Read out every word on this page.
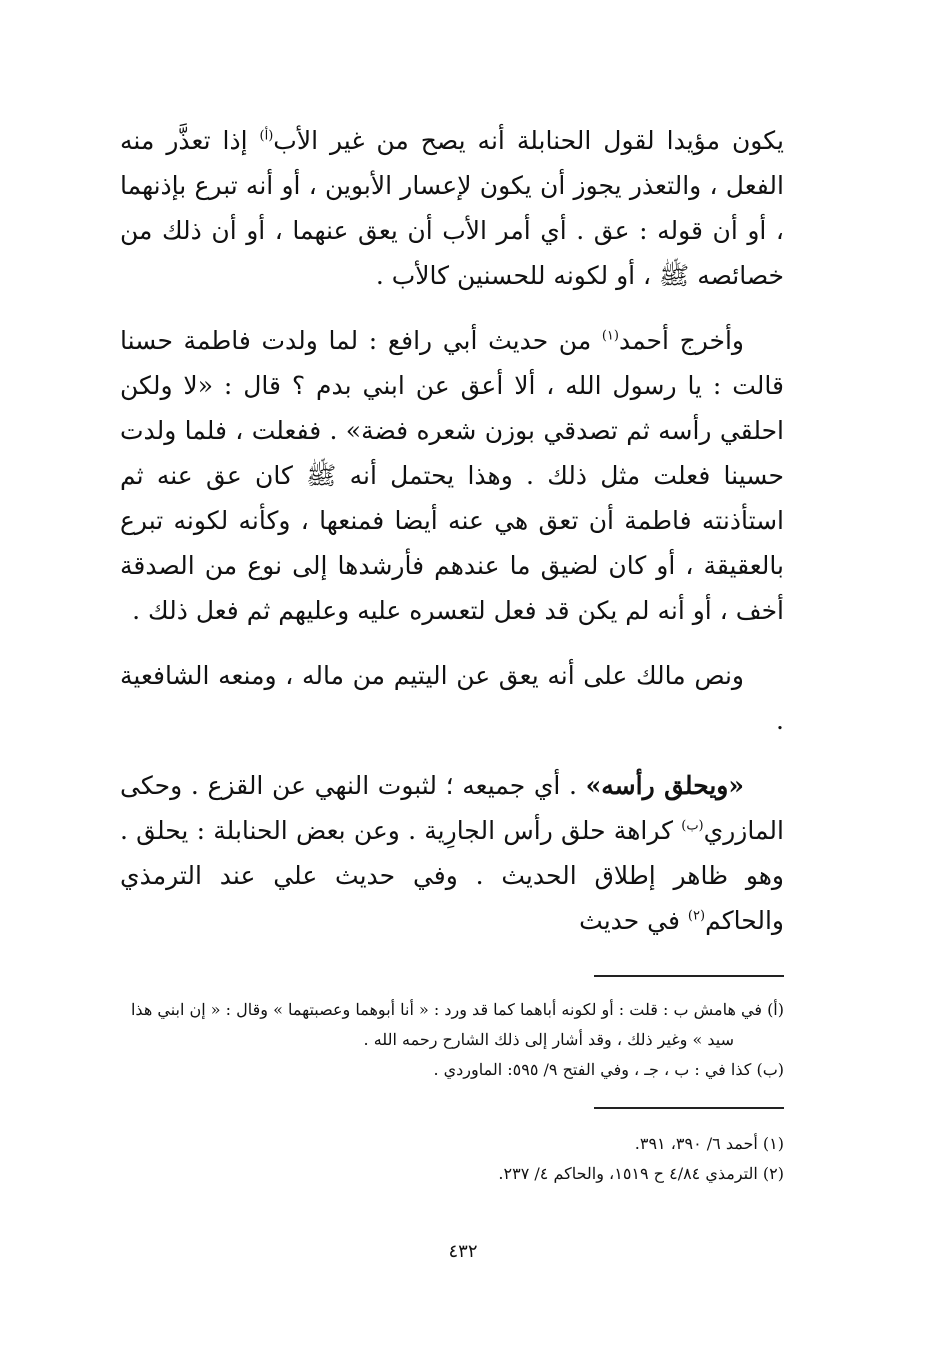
يكون مؤيدا لقول الحنابلة أنه يصح من غير الأب$^{(أ)}$ إذا تعذَّر منه الفعل ، والتعذر يجوز أن يكون لإعسار الأبوين ، أو أنه تبرع بإذنهما ، أو أن قوله : عق . أي أمر الأب أن يعق عنهما ، أو أن ذلك من خصائصه ﷺ ، أو لكونه للحسنين كالأب .

وأخرج أحمد$^{(١)}$ من حديث أبي رافع : لما ولدت فاطمة حسنا قالت : يا رسول الله ، ألا أعق عن ابني بدم ؟ قال : «لا ولكن احلقي رأسه ثم تصدقي بوزن شعره فضة» . ففعلت ، فلما ولدت حسينا فعلت مثل ذلك . وهذا يحتمل أنه ﷺ كان عق عنه ثم استأذنته فاطمة أن تعق هي عنه أيضا فمنعها ، وكأنه لكونه تبرع بالعقيقة ، أو كان لضيق ما عندهم فأرشدها إلى نوع من الصدقة أخف ، أو أنه لم يكن قد فعل لتعسره عليه وعليهم ثم فعل ذلك .

ونص مالك على أنه يعق عن اليتيم من ماله ، ومنعه الشافعية .

«ويحلق رأسه» . أي جميعه ؛ لثبوت النهي عن القزع . وحكى المازري$^{(ب)}$ كراهة حلق رأس الجارِية . وعن بعض الحنابلة : يحلق . وهو ظاهر إطلاق الحديث . وفي حديث علي عند الترمذي والحاكم$^{(٢)}$ في حديث

(أ) في هامش ب : قلت : أو لكونه أباهما كما قد ورد : « أنا أبوهما وعصبتهما » وقال : « إن ابني هذا

سيد » وغير ذلك ، وقد أشار إلى ذلك الشارح رحمه الله .

(ب) كذا في : ب ، جـ ، وفي الفتح ٩/ ٥٩٥: الماوردي .

(١) أحمد ٦/ ٣٩٠، ٣٩١.

(٢) الترمذي ٤/٨٤ ح ١٥١٩، والحاكم ٤/ ٢٣٧.

٤٣٢
